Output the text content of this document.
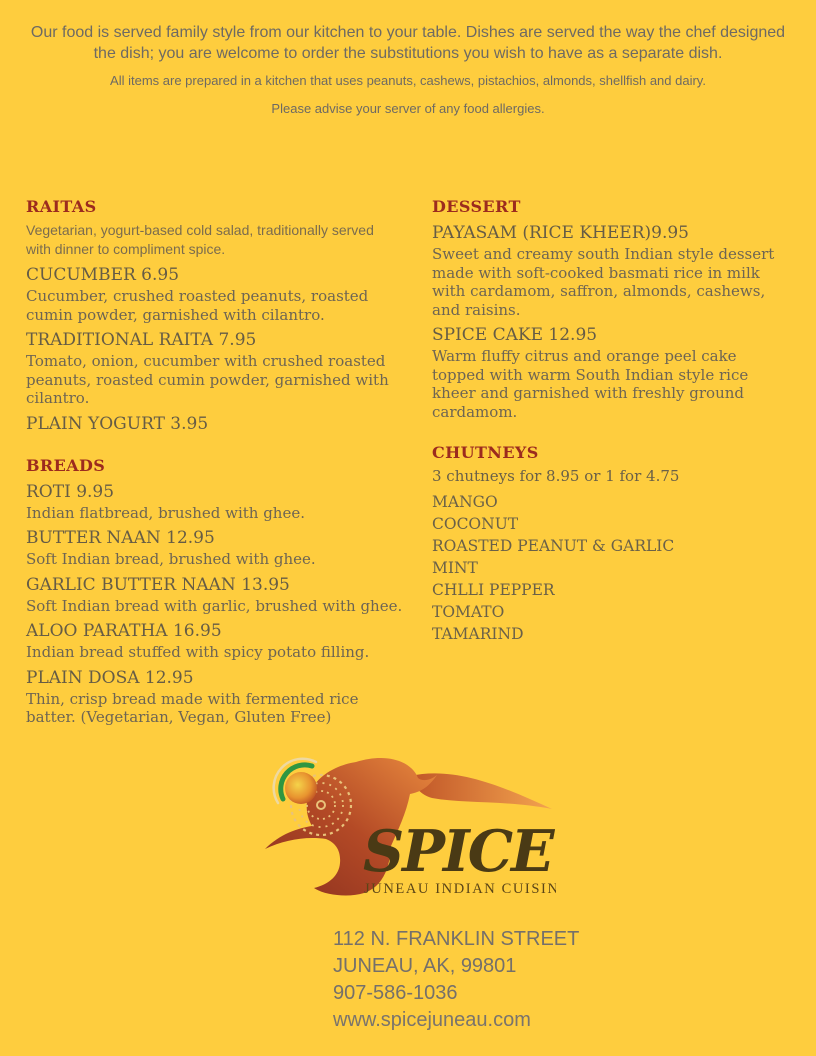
Our food is served family style from our kitchen to your table. Dishes are served the way the chef designed the dish; you are welcome to order the substitutions you wish to have as a separate dish.
All items are prepared in a kitchen that uses peanuts, cashews, pistachios, almonds, shellfish and dairy.
Please advise your server of any food allergies.
RAITAS

Vegetarian, yogurt-based cold salad, traditionally served with dinner to compliment spice.

CUCUMBER 6.95

Cucumber, crushed roasted peanuts, roasted cumin powder, garnished with cilantro.

TRADITIONAL RAITA 7.95

Tomato, onion, cucumber with crushed roasted peanuts, roasted cumin powder, garnished with cilantro.

PLAIN YOGURT 3.95

BREADS

ROTI 9.95

Indian flatbread, brushed with ghee.

BUTTER NAAN 12.95

Soft Indian bread, brushed with ghee.

GARLIC BUTTER NAAN 13.95

Soft Indian bread with garlic, brushed with ghee.

ALOO PARATHA 16.95

Indian bread stuffed with spicy potato filling.

PLAIN DOSA 12.95

Thin, crisp bread made with fermented rice batter. (Vegetarian, Vegan, Gluten Free)

DESSERT

PAYASAM (RICE KHEER)9.95

Sweet and creamy south Indian style dessert made with soft-cooked basmati rice in milk with cardamom, saffron, almonds, cashews, and raisins.

SPICE CAKE 12.95

Warm fluffy citrus and orange peel cake topped with warm South Indian style rice kheer and garnished with freshly ground cardamom.

CHUTNEYS

3 chutneys for 8.95 or 1 for 4.75

MANGO
COCONUT
ROASTED PEANUT & GARLIC
MINT
CHLLI PEPPER
TOMATO
TAMARIND
SPICE
JUNEAU INDIAN CUISINE
112 N. FRANKLIN STREET
JUNEAU, AK, 99801
907-586-1036
www.spicejuneau.com
